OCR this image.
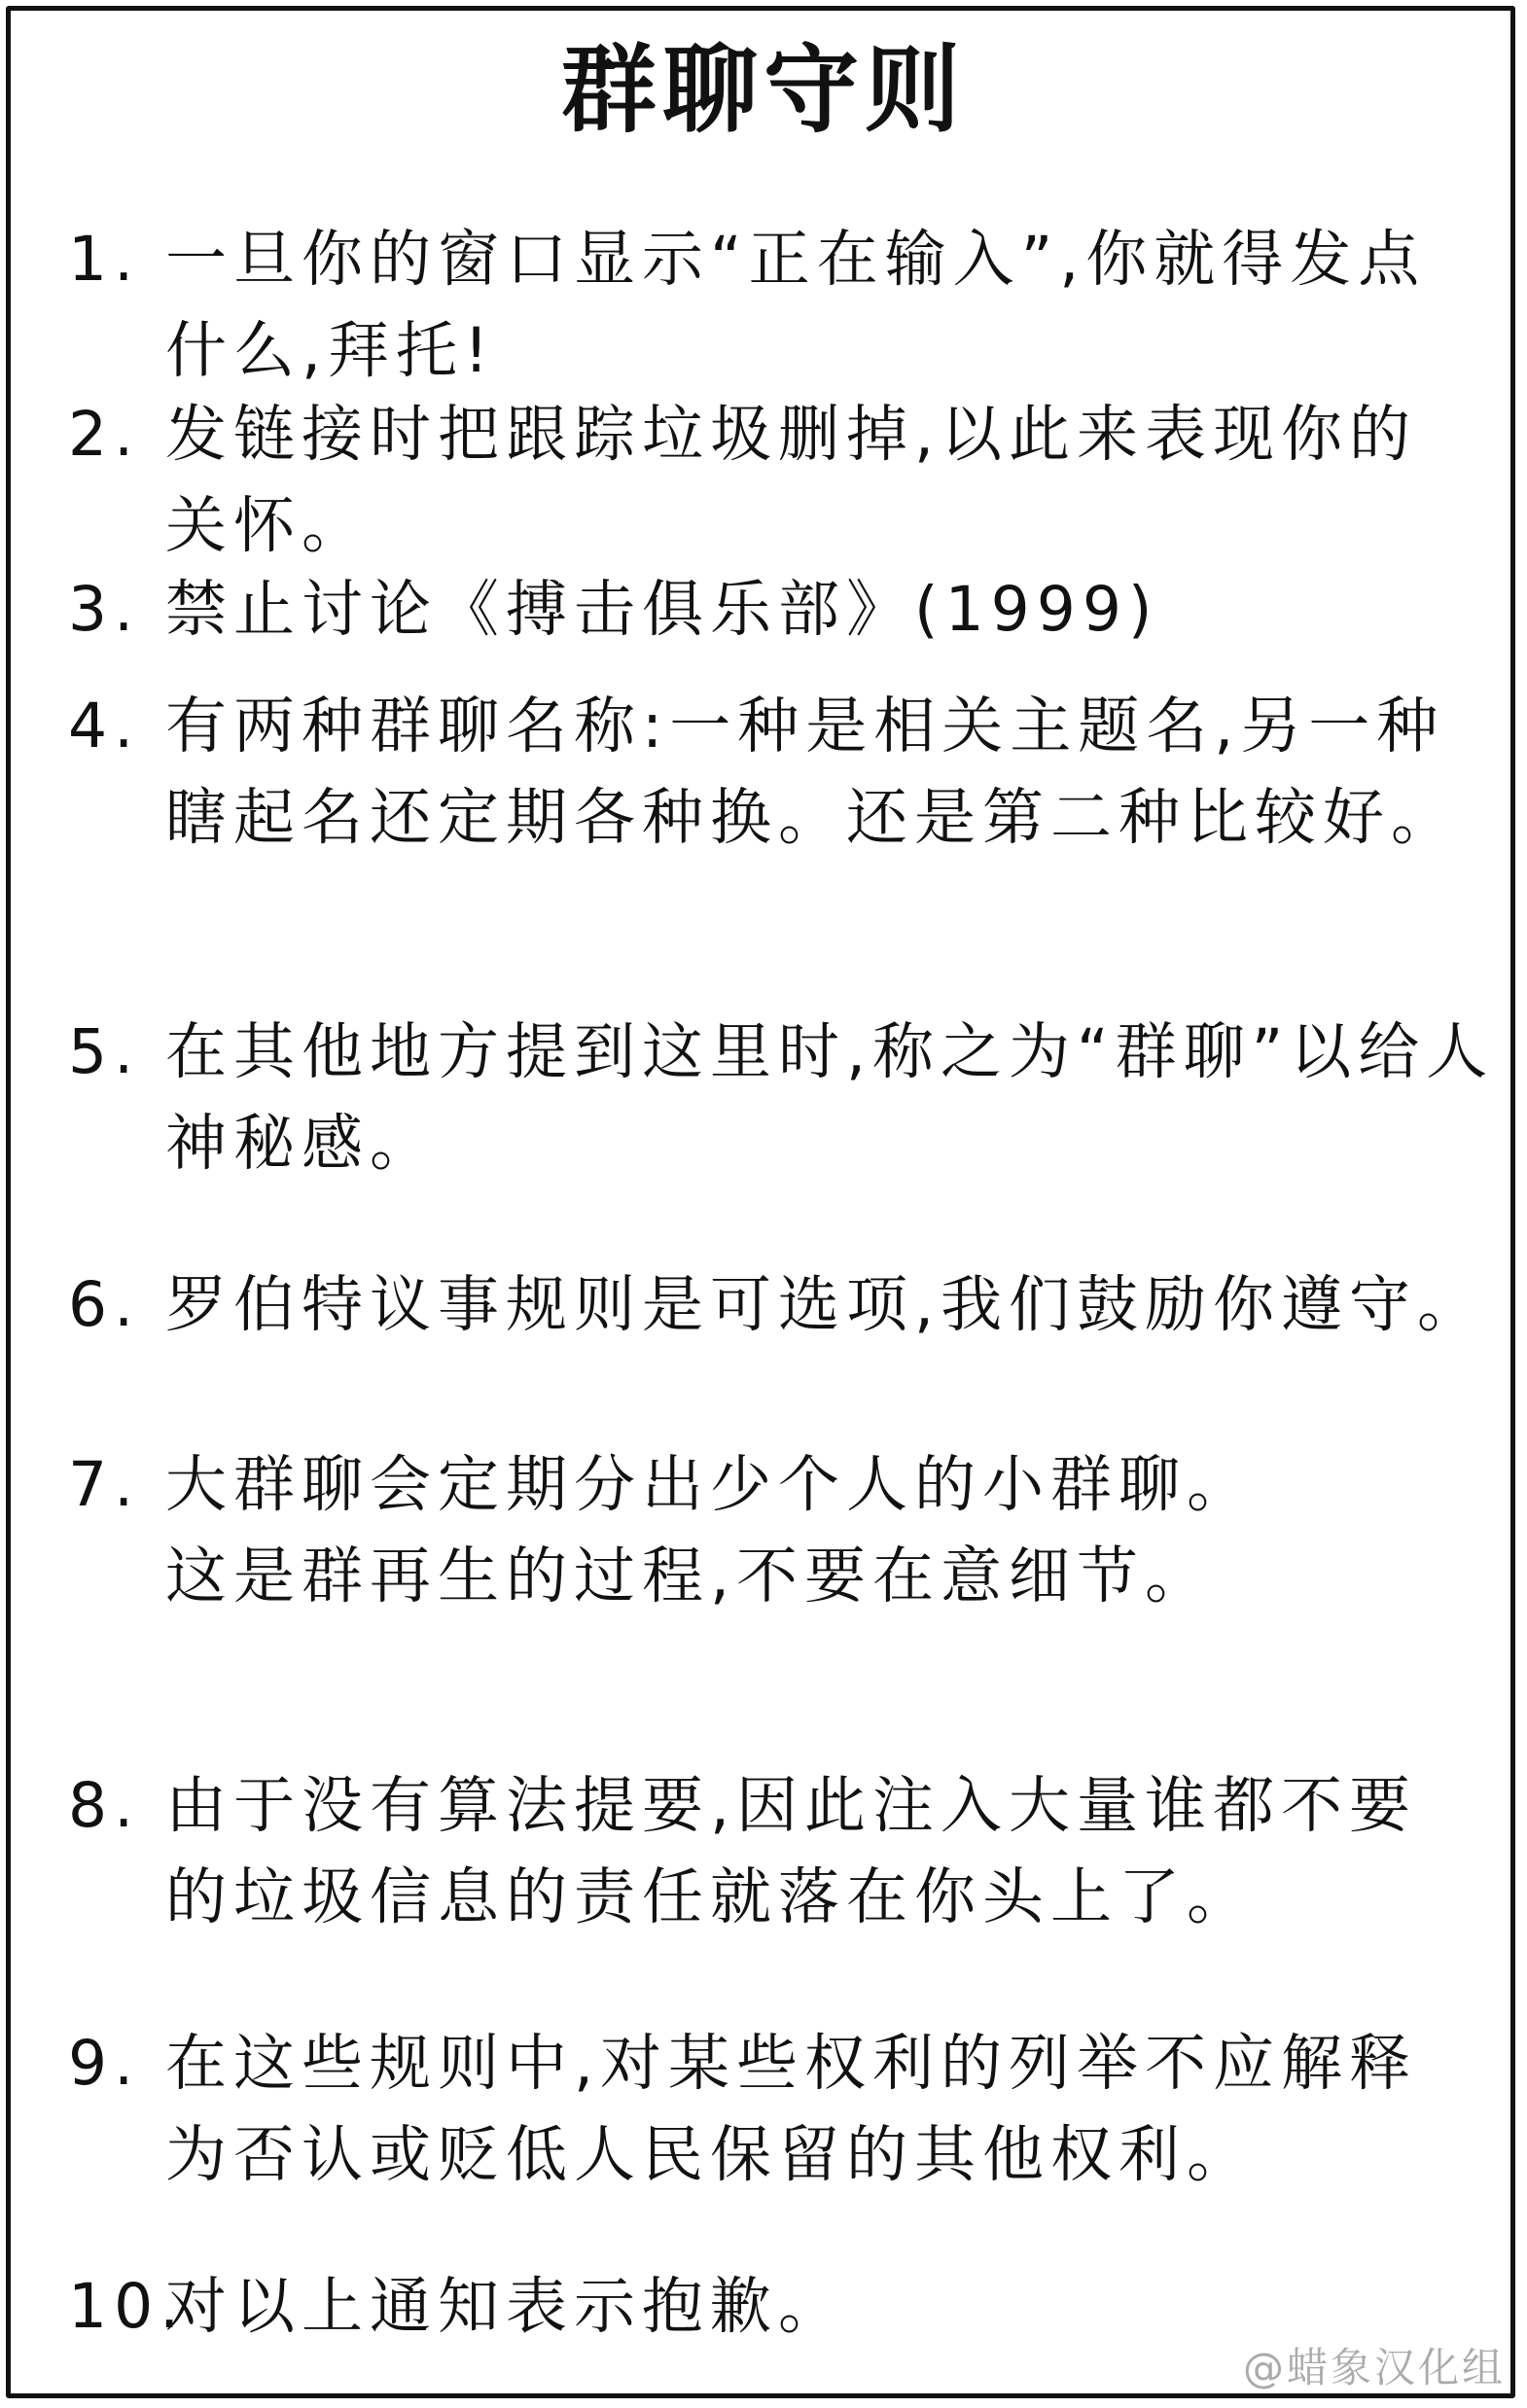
群聊守则
1. 一旦你的窗口显示“正在输入”,你就得发点
什么,拜托!
2. 发链接时把跟踪垃圾删掉,以此来表现你的
关怀。
3. 禁止讨论《搏击俱乐部》(1999)
4. 有两种群聊名称:一种是相关主题名,另一种
瞎起名还定期各种换。还是第二种比较好。
5. 在其他地方提到这里时,称之为“群聊”以给人
神秘感。
6. 罗伯特议事规则是可选项,我们鼓励你遵守。
7. 大群聊会定期分出少个人的小群聊。
这是群再生的过程,不要在意细节。
8. 由于没有算法提要,因此注入大量谁都不要
的垃圾信息的责任就落在你头上了。
9. 在这些规则中,对某些权利的列举不应解释
为否认或贬低人民保留的其他权利。
10.
对以上通知表示抱歉。
@蜡象汉化组
